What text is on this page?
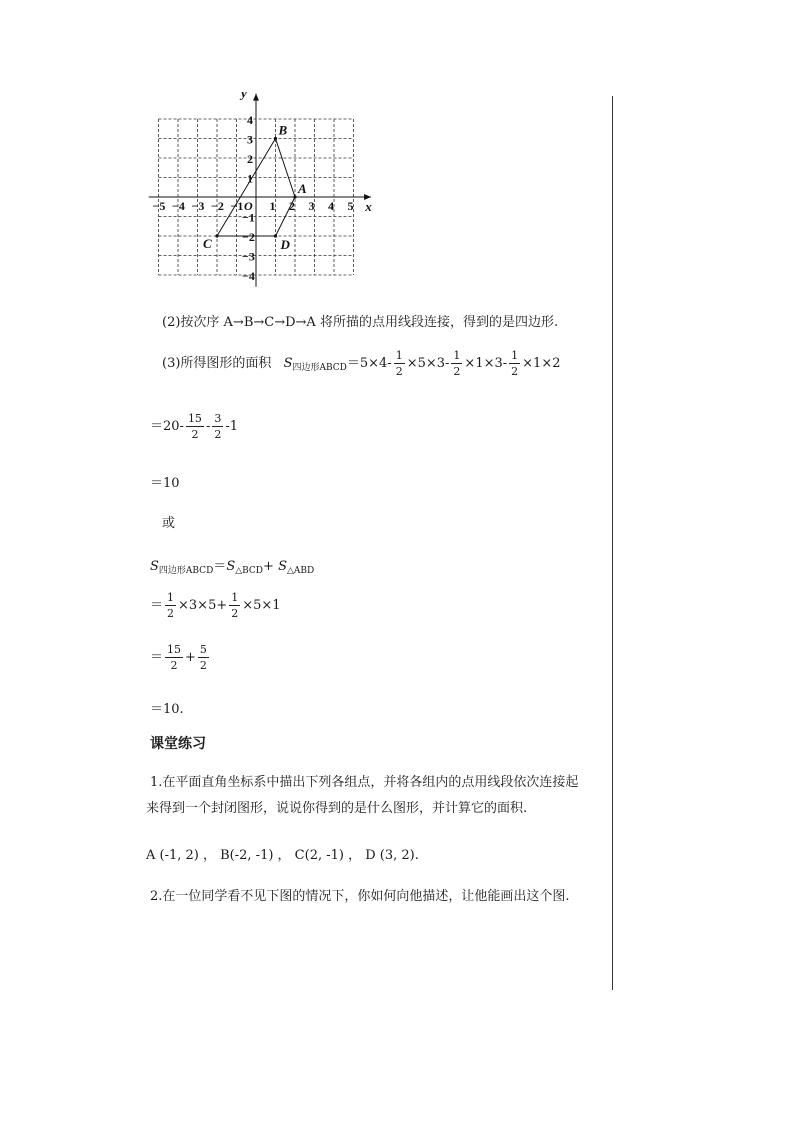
A
B
C	D
−5 −4 −3 −2 −1 1 2 3 4 5
4
3
2
1
−1
−2
−3
−4
O	x
y
(2)按次序 A→B→C→D→A 将所描的点用线段连接，得到的是四边形.
(3)所得图形的面积 $S_{四边形ABCD}=5\times 4- \frac{1}{2} \times 5\times 3- \frac{1}{2} \times 1\times 3- \frac{1}{2} \times 1\times 2$
$=20- \frac{15}{2} - \frac{3}{2} -1$
＝10
或
$S_{四边形ABCD}=S_{\triangle BCD}+ S_{\triangle ABD}$
＝ $\frac{1}{2} \times 3\times 5+ \frac{1}{2} \times 5\times 1$
＝ $\frac{15}{2} + \frac{5}{2}$
＝10.
课堂练习
1.在平面直角坐标系中描出下列各组点，并将各组内的点用线段依次连接起
来得到一个封闭图形，说说你得到的是什么图形，并计算它的面积.
A (-1, 2) ， B(-2, -1) ， C(2, -1) ， D (3, 2).
2.在一位同学看不见下图的情况下，你如何向他描述，让他能画出这个图.
